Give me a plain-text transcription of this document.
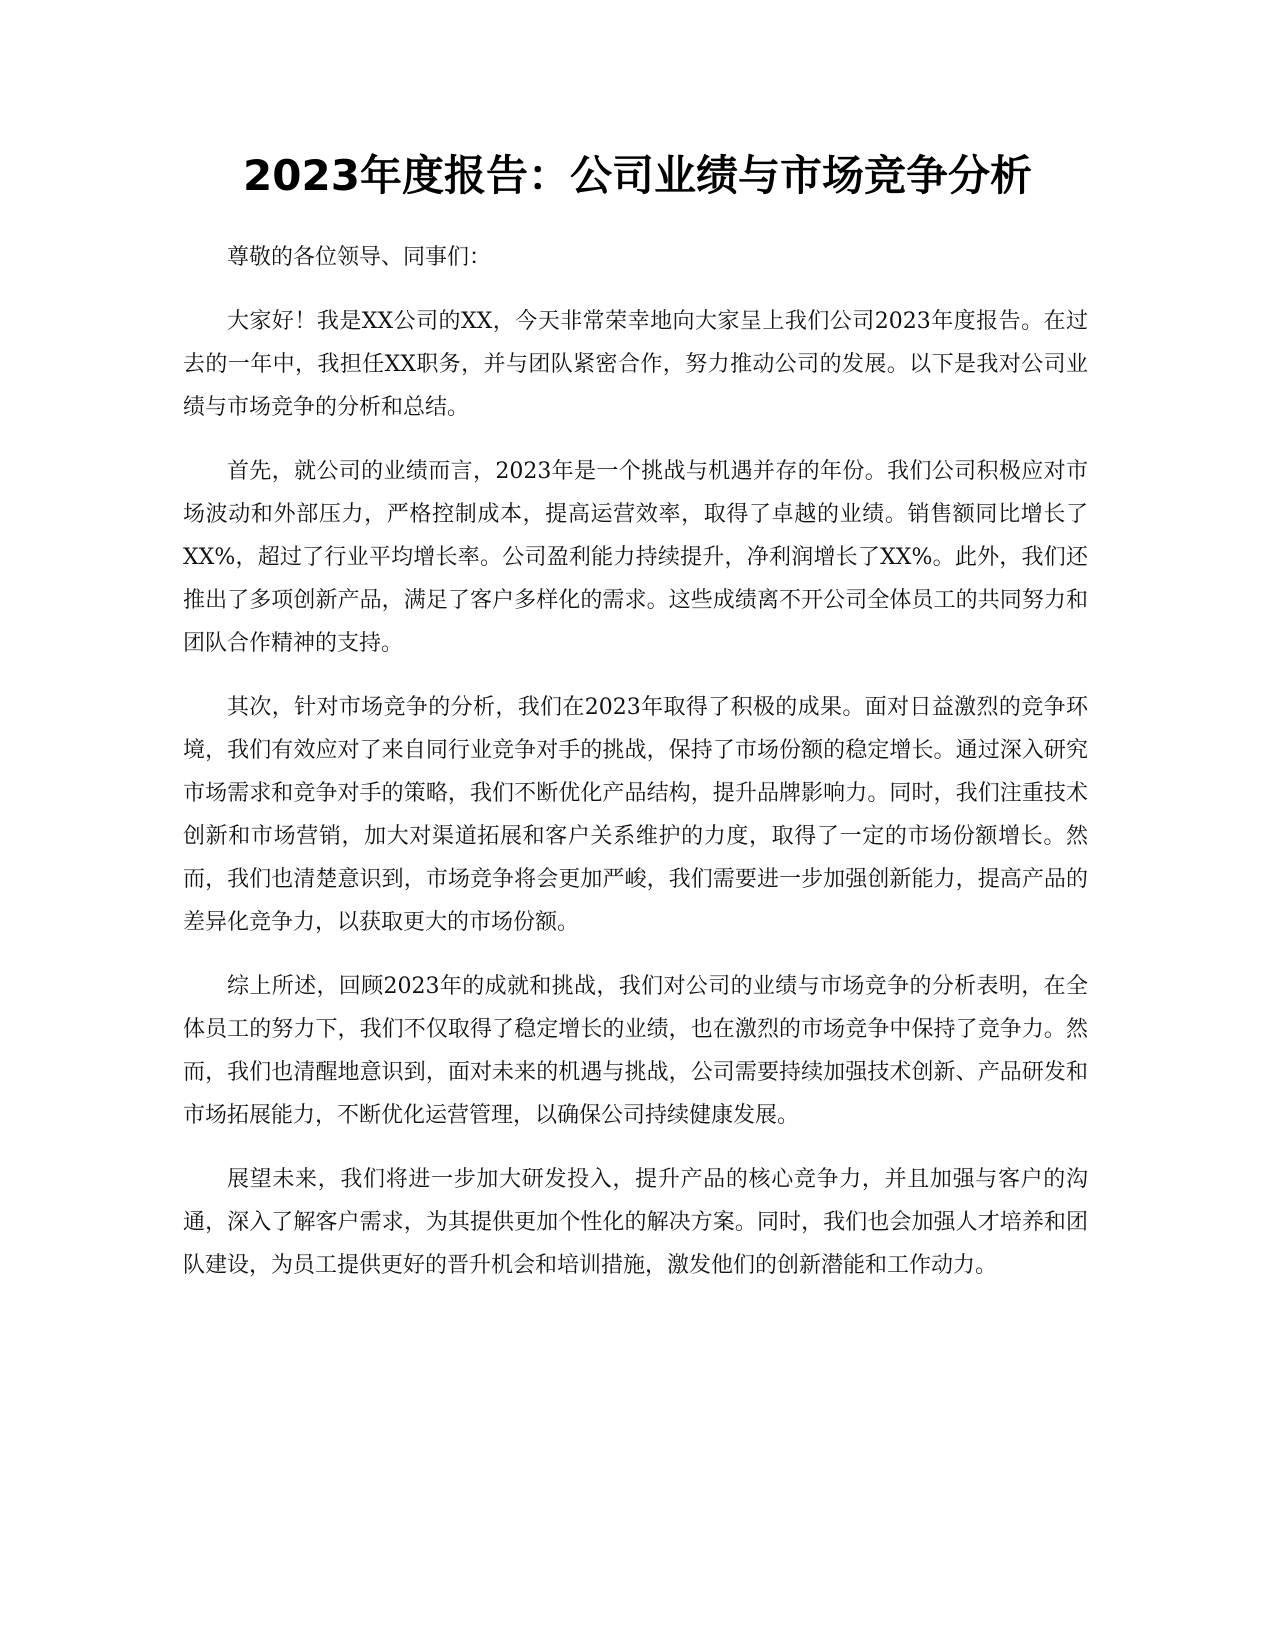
2023年度报告：公司业绩与市场竞争分析

尊敬的各位领导、同事们：

大家好！我是XX公司的XX，今天非常荣幸地向大家呈上我们公司2023年度报告。在过去的一年中，我担任XX职务，并与团队紧密合作，努力推动公司的发展。以下是我对公司业绩与市场竞争的分析和总结。

首先，就公司的业绩而言，2023年是一个挑战与机遇并存的年份。我们公司积极应对市场波动和外部压力，严格控制成本，提高运营效率，取得了卓越的业绩。销售额同比增长了XX%，超过了行业平均增长率。公司盈利能力持续提升，净利润增长了XX%。此外，我们还推出了多项创新产品，满足了客户多样化的需求。这些成绩离不开公司全体员工的共同努力和团队合作精神的支持。

其次，针对市场竞争的分析，我们在2023年取得了积极的成果。面对日益激烈的竞争环境，我们有效应对了来自同行业竞争对手的挑战，保持了市场份额的稳定增长。通过深入研究市场需求和竞争对手的策略，我们不断优化产品结构，提升品牌影响力。同时，我们注重技术创新和市场营销，加大对渠道拓展和客户关系维护的力度，取得了一定的市场份额增长。然而，我们也清楚意识到，市场竞争将会更加严峻，我们需要进一步加强创新能力，提高产品的差异化竞争力，以获取更大的市场份额。

综上所述，回顾2023年的成就和挑战，我们对公司的业绩与市场竞争的分析表明，在全体员工的努力下，我们不仅取得了稳定增长的业绩，也在激烈的市场竞争中保持了竞争力。然而，我们也清醒地意识到，面对未来的机遇与挑战，公司需要持续加强技术创新、产品研发和市场拓展能力，不断优化运营管理，以确保公司持续健康发展。

展望未来，我们将进一步加大研发投入，提升产品的核心竞争力，并且加强与客户的沟通，深入了解客户需求，为其提供更加个性化的解决方案。同时，我们也会加强人才培养和团队建设，为员工提供更好的晋升机会和培训措施，激发他们的创新潜能和工作动力。
